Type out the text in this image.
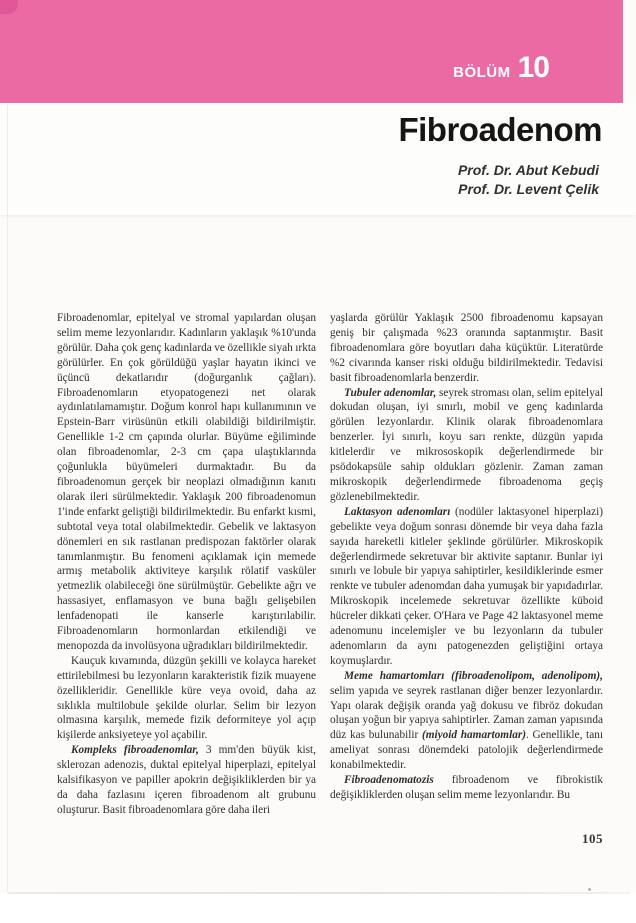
BÖLÜM 10
Fibroadenom
Prof. Dr. Abut Kebudi
Prof. Dr. Levent Çelik

Fibroadenomlar, epitelyal ve stromal yapılardan oluşan selim meme lezyonlarıdır. Kadınların yaklaşık %10'unda görülür. Daha çok genç kadınlarda ve özellikle siyah ırkta görülürler. En çok görüldüğü yaşlar hayatın ikinci ve üçüncü dekatlarıdır (doğurganlık çağları). Fibroadenomların etyopatogenezi net olarak aydınlatılamamıştır. Doğum konrol hapı kullanımının ve Epstein-Barr virüsünün etkili olabildiği bildirilmiştir. Genellikle 1-2 cm çapında olurlar. Büyüme eğiliminde olan fibroadenomlar, 2-3 cm çapa ulaştıklarında çoğunlukla büyümeleri durmaktadır. Bu da fibroadenomun gerçek bir neoplazi olmadığının kanıtı olarak ileri sürülmektedir. Yaklaşık 200 fibroadenomun 1'inde enfarkt geliştiği bildirilmektedir. Bu enfarkt kısmi, subtotal veya total olabilmektedir. Gebelik ve laktasyon dönemleri en sık rastlanan predispozan faktörler olarak tanımlanmıştır. Bu fenomeni açıklamak için memede armış metabolik aktiviteye karşılık rölatif vasküler yetmezlik olabileceği öne sürülmüştür. Gebelikte ağrı ve hassasiyet, enflamasyon ve buna bağlı gelişebilen lenfadenopati ile kanserle karıştırılabilir. Fibroadenomların hormonlardan etkilendiği ve menopozda da involüsyona uğradıkları bildirilmektedir.

Kauçuk kıvamında, düzgün şekilli ve kolayca hareket ettirilebilmesi bu lezyonların karakteristik fizik muayene özellikleridir. Genellikle küre veya ovoid, daha az sıklıkla multilobule şekilde olurlar. Selim bir lezyon olmasına karşılık, memede fizik deformiteye yol açıp kişilerde anksiyeteye yol açabilir.

Kompleks fibroadenomlar, 3 mm'den büyük kist, sklerozan adenozis, duktal epitelyal hiperplazi, epitelyal kalsifikasyon ve papiller apokrin değişikliklerden bir ya da daha fazlasını içeren fibroadenom alt grubunu oluşturur. Basit fibroadenomlara göre daha ileri

yaşlarda görülür Yaklaşık 2500 fibroadenomu kapsayan geniş bir çalışmada %23 oranında saptanmıştır. Basit fibroadenomlara göre boyutları daha küçüktür. Literatürde %2 civarında kanser riski olduğu bildirilmektedir. Tedavisi basit fibroadenomlarla benzerdir.

Tubuler adenomlar, seyrek stroması olan, selim epitelyal dokudan oluşan, iyi sınırlı, mobil ve genç kadınlarda görülen lezyonlardır. Klinik olarak fibroadenomlara benzerler. İyi sınırlı, koyu sarı renkte, düzgün yapıda kitlelerdir ve mikrososkopik değerlendirmede bir psödokapsüle sahip oldukları gözlenir. Zaman zaman mikroskopik değerlendirmede fibroadenoma geçiş gözlenebilmektedir.

Laktasyon adenomları (nodüler laktasyonel hiperplazi) gebelikte veya doğum sonrası dönemde bir veya daha fazla sayıda hareketli kitleler şeklinde görülürler. Mikroskopik değerlendirmede sekretuvar bir aktivite saptanır. Bunlar iyi sınırlı ve lobule bir yapıya sahiptirler, kesildiklerinde esmer renkte ve tubuler adenomdan daha yumuşak bir yapıdadırlar. Mikroskopik incelemede sekretuvar özellikte küboid hücreler dikkati çeker. O'Hara ve Page 42 laktasyonel meme adenomunu incelemişler ve bu lezyonların da tubuler adenomların da aynı patogenezden geliştiğini ortaya koymuşlardır.

Meme hamartomları (fibroadenolipom, adenolipom), selim yapıda ve seyrek rastlanan diğer benzer lezyonlardır. Yapı olarak değişik oranda yağ dokusu ve fibröz dokudan oluşan yoğun bir yapıya sahiptirler. Zaman zaman yapısında düz kas bulunabilir (miyoid hamartomlar). Genellikle, tanı ameliyat sonrası dönemdeki patolojik değerlendirmede konabilmektedir.

Fibroadenomatozis fibroadenom ve fibrokistik değişikliklerden oluşan selim meme lezyonlarıdır. Bu

105
